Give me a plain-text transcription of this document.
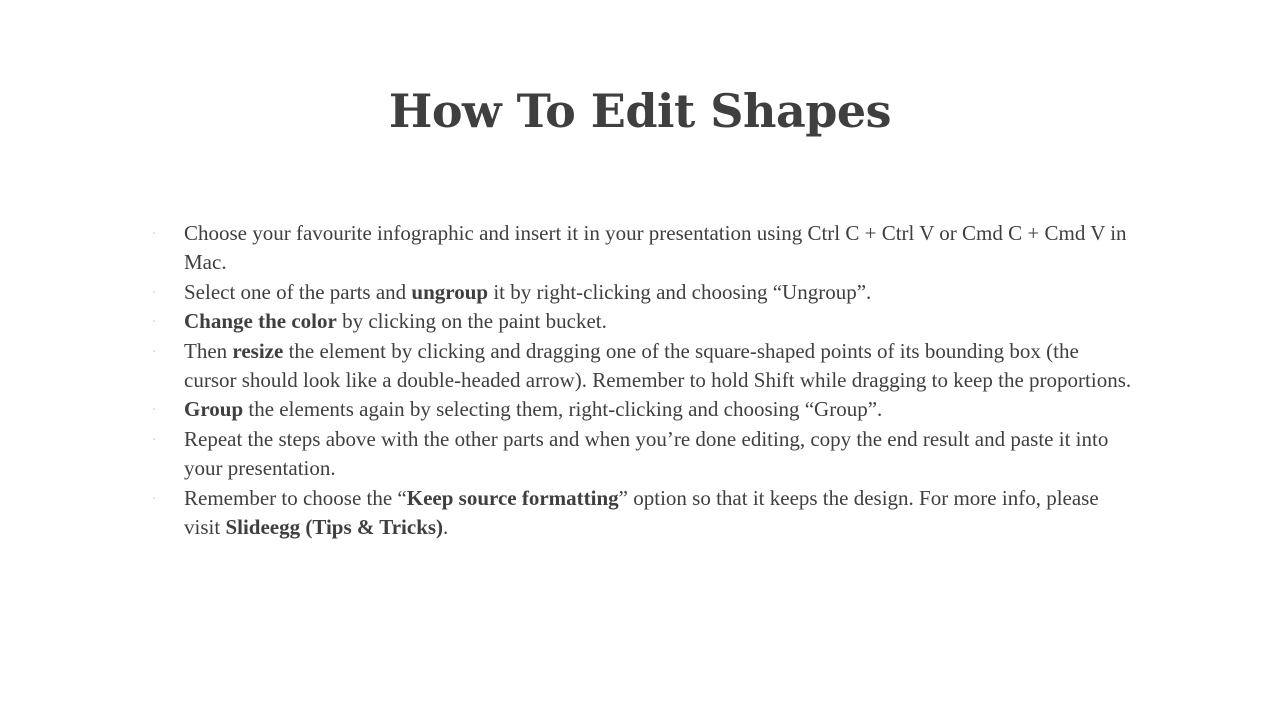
How To Edit Shapes
◦ Choose your favourite infographic and insert it in your presentation using Ctrl C + Ctrl V or Cmd C + Cmd V in Mac.
◦ Select one of the parts and ungroup it by right-clicking and choosing “Ungroup”.
◦ Change the color by clicking on the paint bucket.
◦ Then resize the element by clicking and dragging one of the square-shaped points of its bounding box (the cursor should look like a double-headed arrow). Remember to hold Shift while dragging to keep the proportions.
◦ Group the elements again by selecting them, right-clicking and choosing “Group”.
◦ Repeat the steps above with the other parts and when you’re done editing, copy the end result and paste it into your presentation.
◦ Remember to choose the “Keep source formatting” option so that it keeps the design. For more info, please visit Slideegg (Tips & Tricks).
